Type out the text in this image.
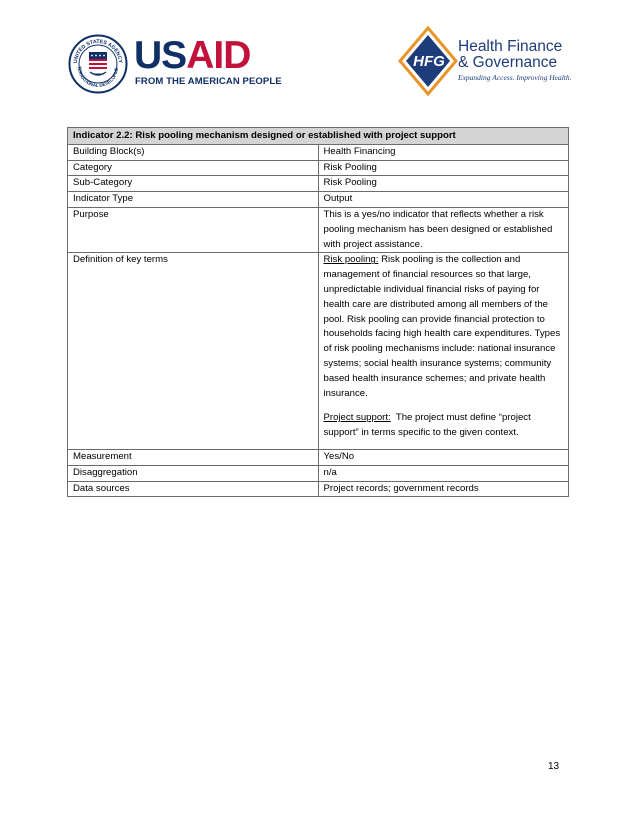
UNITED STATES AGENCY
TERNATIONAL DEVELOPME USAID
FROM THE AMERICAN PEOPLE
HFG
Health Finance
& Governance
Expanding Access. Improving Health.
Indicator 2.2: Risk pooling mechanism designed or established with project support	
Building Block(s)	Health Financing
Category	Risk Pooling
Sub-Category	Risk Pooling
Indicator Type	Output
Purpose	This is a yes/no indicator that reflects whether a risk pooling mechanism has been designed or established with project assistance.
Definition of key terms	Risk pooling: Risk pooling is the collection and management of financial resources so that large, unpredictable individual financial risks of paying for health care are distributed among all members of the pool. Risk pooling can provide financial protection to households facing high health care expenditures. Types of risk pooling mechanisms include: national insurance systems; social health insurance systems; community based health insurance schemes; and private health insurance.
Project support:  The project must define “project support” in terms specific to the given context.

Measurement	Yes/No
Disaggregation	n/a
Data sources	Project records; government records
13
